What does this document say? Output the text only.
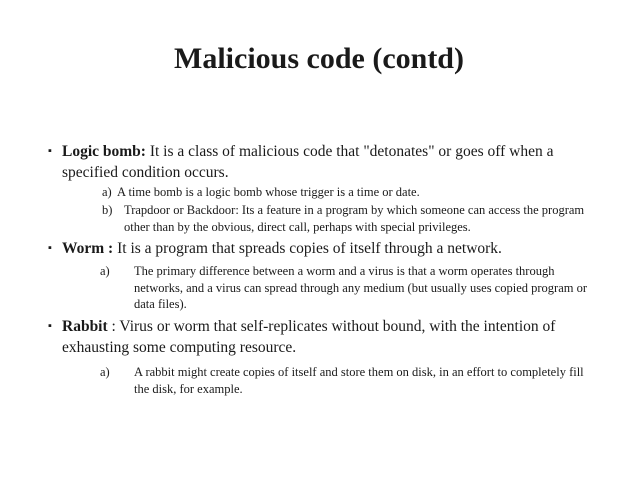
Malicious code (contd)
▪ Logic bomb: It is a class of malicious code that "detonates" or goes off when a specified condition occurs.
a) A time bomb is a logic bomb whose trigger is a time or date.
b) Trapdoor or Backdoor: Its a feature in a program by which someone can access the program other than by the obvious, direct call, perhaps with special privileges.
▪ Worm : It is a program that spreads copies of itself through a network.
a)	The primary difference between a worm and a virus is that a worm operates through networks, and a virus can spread through any medium (but usually uses copied program or data files).
▪ Rabbit : Virus or worm that self-replicates without bound, with the intention of exhausting some computing resource.
a)	A rabbit might create copies of itself and store them on disk, in an effort to completely fill the disk, for example.
